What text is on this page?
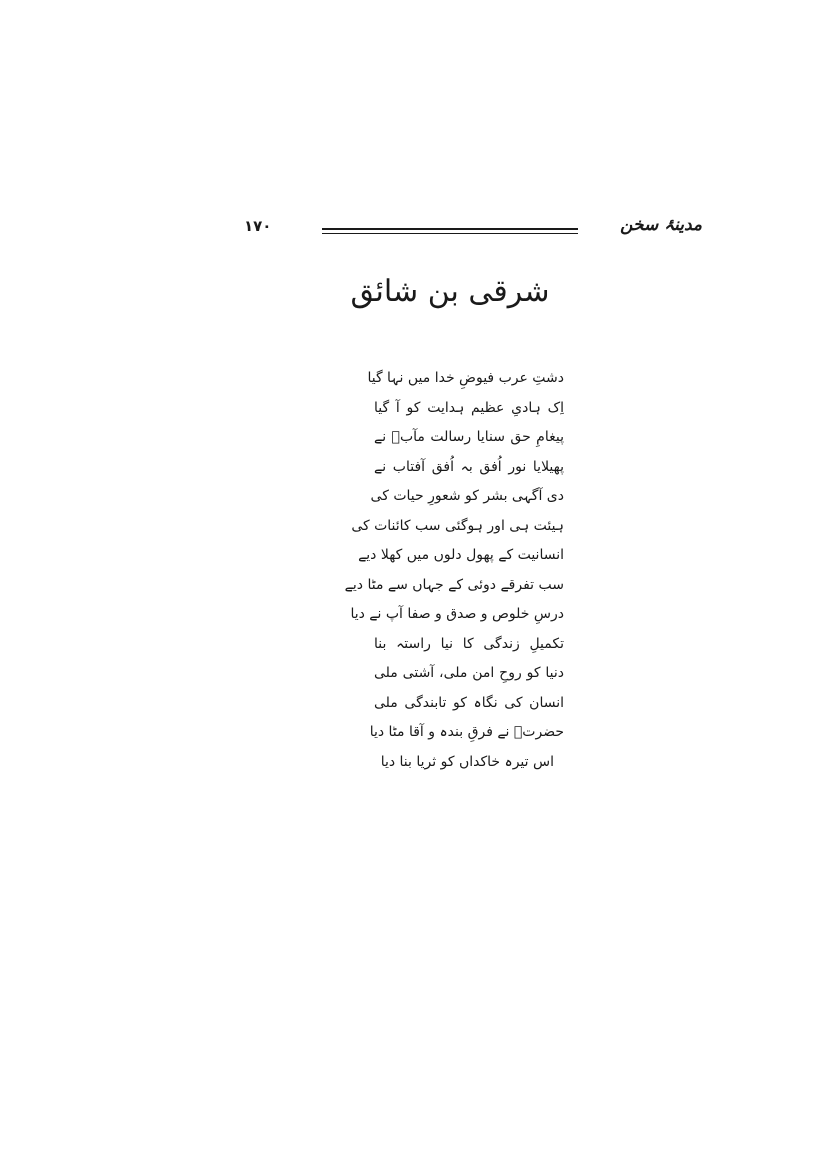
مدینۂ سخن
۱۷۰
شرقی بن شائق
دشتِ عرب فیوضِ خدا میں نہا گیا
اِک ہادیِ عظیم ہدایت کو آ گیا
پیغامِ حق سنایا رسالت مآبؐ نے
پھیلایا نور اُفق بہ اُفق آفتاب نے
دی آگہی بشر کو شعورِ حیات کی
ہیئت ہی اور ہوگئی سب کائنات کی
انسانیت کے پھول دلوں میں کھلا دیے
سب تفرقے دوئی کے جہاں سے مٹا دیے
درسِ خلوص و صدق و صفا آپ نے دیا
تکمیلِ زندگی کا نیا راستہ بنا
دنیا کو روحِ امن ملی، آشتی ملی
انسان کی نگاہ کو تابندگی ملی
حضرتؐ نے فرقِ بندہ و آقا مٹا دیا
اس تیرہ خاکداں کو ثریا بنا دیا
